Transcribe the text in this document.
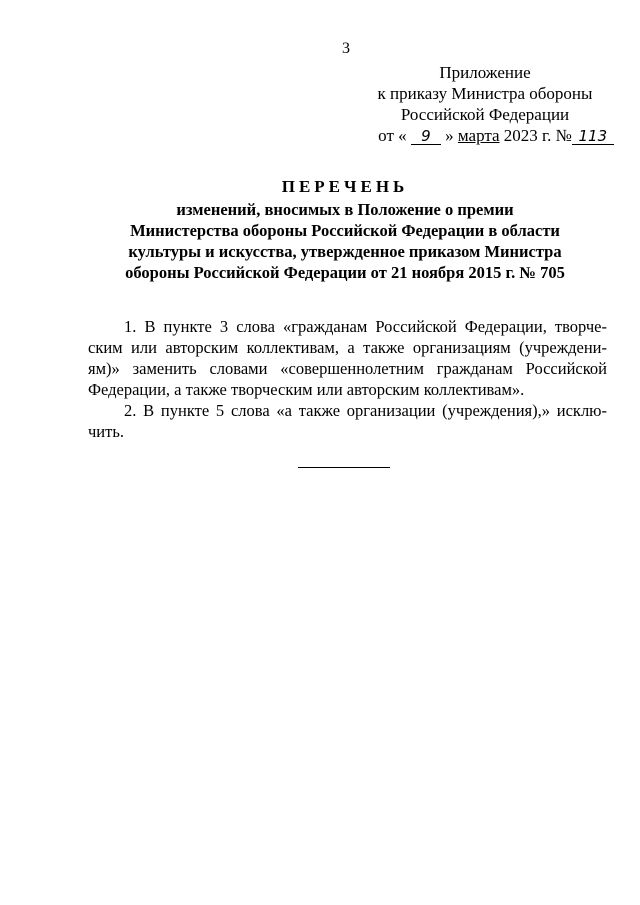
3
Приложение
к приказу Министра обороны
Российской Федерации
от « 9 » марта 2023 г. № 113
ПЕРЕЧЕНЬ
изменений, вносимых в Положение о премии
Министерства обороны Российской Федерации в области
культуры и искусства, утвержденное приказом Министра
обороны Российской Федерации от 21 ноября 2015 г. № 705
1. В пункте 3 слова «гражданам Российской Федерации, творче-
ским или авторским коллективам, а также организациям (учреждени-
ям)» заменить словами «совершеннолетним гражданам Российской
Федерации, а также творческим или авторским коллективам».
2. В пункте 5 слова «а также организации (учреждения),» исклю-
чить.
